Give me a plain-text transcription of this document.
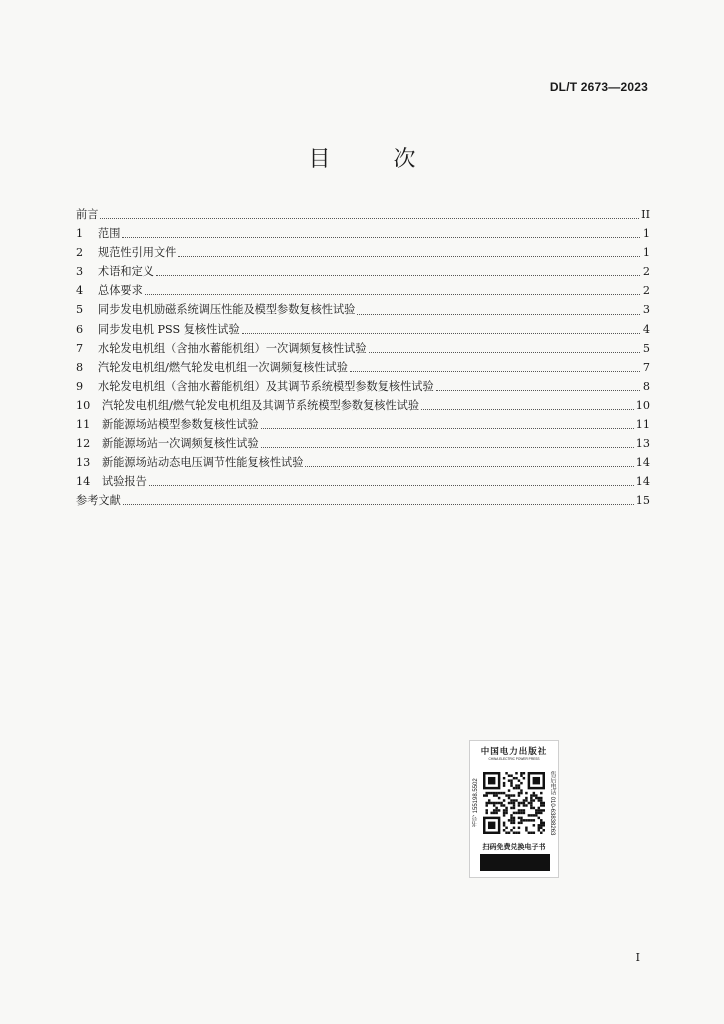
DL/T 2673—2023
目 次
前言	II
1	范围	1
2	规范性引用文件	1
3	术语和定义	2
4	总体要求	2
5	同步发电机励磁系统调压性能及模型参数复核性试验	3
6	同步发电机 PSS 复核性试验	4
7	水轮发电机组（含抽水蓄能机组）一次调频复核性试验	5
8	汽轮发电机组/燃气轮发电机组一次调频复核性试验	7
9	水轮发电机组（含抽水蓄能机组）及其调节系统模型参数复核性试验	8
10	汽轮发电机组/燃气轮发电机组及其调节系统模型参数复核性试验	10
11	新能源场站模型参数复核性试验	11
12	新能源场站一次调频复核性试验	13
13	新能源场站动态电压调节性能复核性试验	14
14	试验报告	14
参考文献	15
中国电力出版社
CHINA ELECTRIC POWER PRESS
书号 155198.5502	售后电话 010-63838263
扫码免费兑换电子书
I
